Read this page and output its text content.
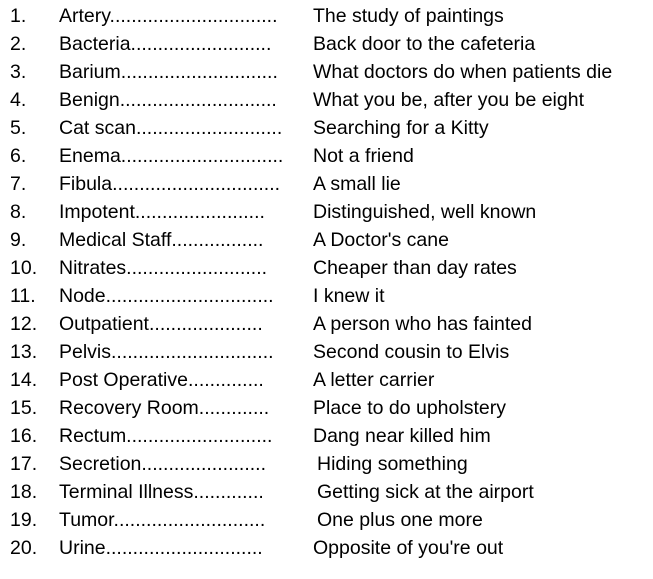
1.	Artery...............................	The study of paintings
2.	Bacteria..........................	Back door to the cafeteria
3.	Barium.............................	What doctors do when patients die
4.	Benign.............................	What you be, after you be eight
5.	Cat scan...........................	Searching for a Kitty
6.	Enema..............................	Not a friend
7.	Fibula...............................	A small lie
8.	Impotent........................	Distinguished, well known
9.	Medical Staff.................	A Doctor's cane
10.	Nitrates..........................	Cheaper than day rates
11.	Node...............................	I knew it
12.	Outpatient.....................	A person who has fainted
13.	Pelvis..............................	Second cousin to Elvis
14.	Post Operative..............	A letter carrier
15.	Recovery Room.............	Place to do upholstery
16.	Rectum...........................	Dang near killed him
17.	Secretion.......................	Hiding something
18.	Terminal Illness.............	Getting sick at the airport
19.	Tumor............................	One plus one more
20.	Urine.............................	Opposite of you're out
